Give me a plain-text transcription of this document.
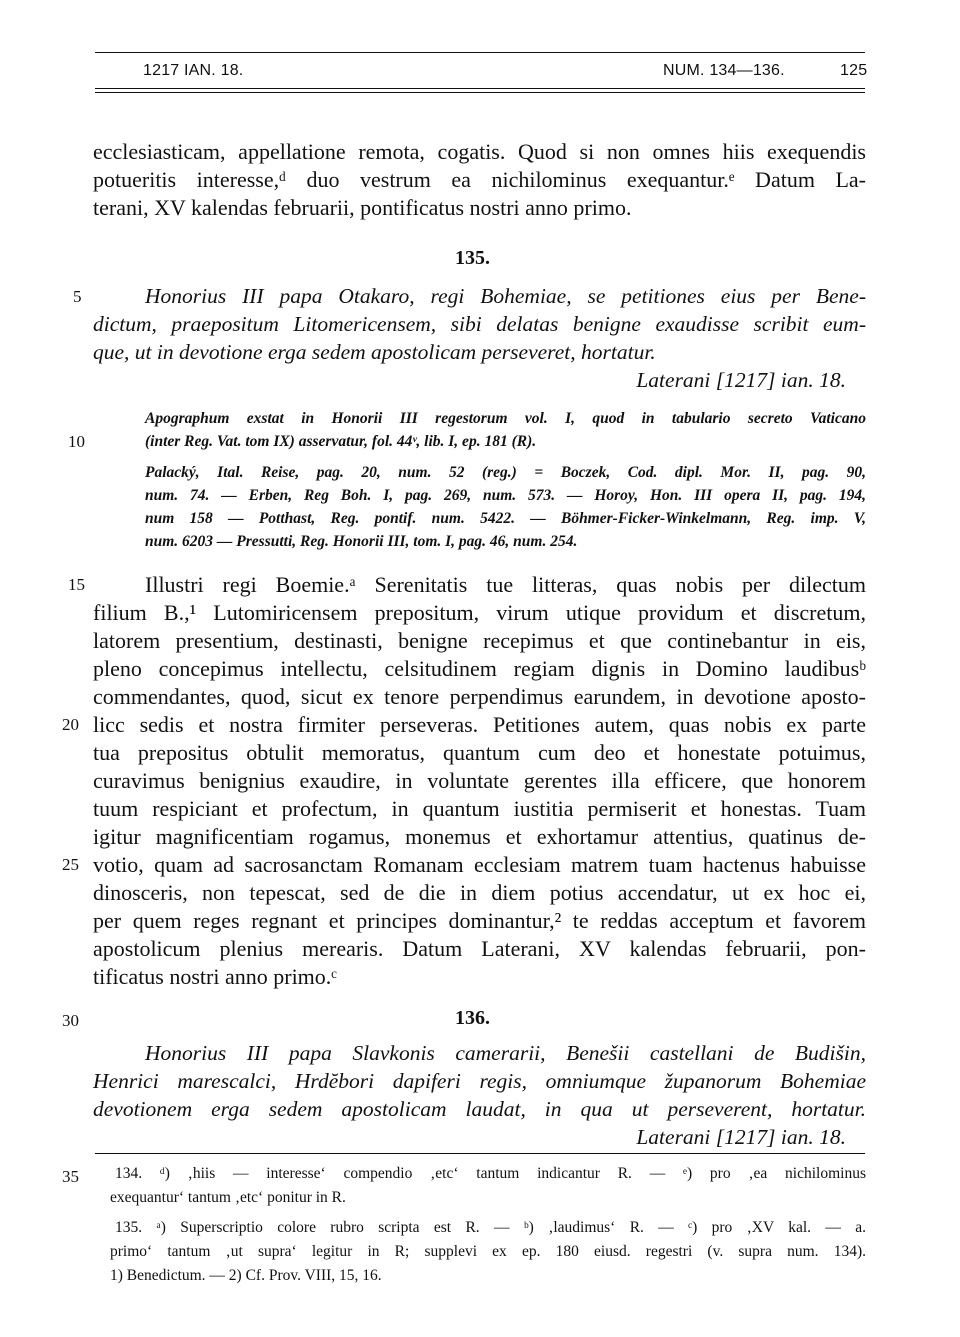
1217 IAN. 18.	NUM. 134—136.	125
ecclesiasticam, appellatione remota, cogatis. Quod si non omnes hiis exequendis
potueritis interesse,ᵈ duo vestrum ea nichilominus exequantur.ᵉ Datum La-
terani, XV kalendas februarii, pontificatus nostri anno primo.
135.
5	Honorius III papa Otakaro, regi Bohemiae, se petitiones eius per Bene-
dictum, praepositum Litomericensem, sibi delatas benigne exaudisse scribit eum-
que, ut in devotione erga sedem apostolicam perseveret, hortatur.
Laterani [1217] ian. 18.
Apographum exstat in Honorii III regestorum vol. I, quod in tabulario secreto Vaticano
10	(inter Reg. Vat. tom IX) asservatur, fol. 44ᵛ, lib. I, ep. 181 (R).
Palacký, Ital. Reise, pag. 20, num. 52 (reg.) = Boczek, Cod. dipl. Mor. II, pag. 90,
num. 74. — Erben, Reg Boh. I, pag. 269, num. 573. — Horoy, Hon. III opera II, pag. 194,
num 158 — Potthast, Reg. pontif. num. 5422. — Böhmer-Ficker-Winkelmann, Reg. imp. V,
num. 6203 — Pressutti, Reg. Honorii III, tom. I, pag. 46, num. 254.
15	Illustri regi Boemie.ᵃ Serenitatis tue litteras, quas nobis per dilectum
filium B.,¹ Lutomiricensem prepositum, virum utique providum et discretum,
latorem presentium, destinasti, benigne recepimus et que continebantur in eis,
pleno concepimus intellectu, celsitudinem regiam dignis in Domino laudibusᵇ
commendantes, quod, sicut ex tenore perpendimus earundem, in devotione aposto-
20 licc sedis et nostra firmiter perseveras. Petitiones autem, quas nobis ex parte
tua prepositus obtulit memoratus, quantum cum deo et honestate potuimus,
curavimus benignius exaudire, in voluntate gerentes illa efficere, que honorem
tuum respiciant et profectum, in quantum iustitia permiserit et honestas. Tuam
igitur magnificentiam rogamus, monemus et exhortamur attentius, quatinus de-
25 votio, quam ad sacrosanctam Romanam ecclesiam matrem tuam hactenus habuisse
dinosceris, non tepescat, sed de die in diem potius accendatur, ut ex hoc ei,
per quem reges regnant et principes dominantur,² te reddas acceptum et favorem
apostolicum plenius merearis. Datum Laterani, XV kalendas februarii, pon-
tificatus nostri anno primo.ᶜ
30	136.
Honorius III papa Slavkonis camerarii, Benešii castellani de Budišin,
Henrici marescalci, Hrdĕbori dapiferi regis, omniumque županorum Bohemiae
devotionem erga sedem apostolicam laudat, in qua ut perseverent, hortatur.
Laterani [1217] ian. 18.
35 134. ᵈ) ‚hiis — interesse‘ compendio ‚etc‘ tantum indicantur R. — ᵉ) pro ‚ea nichilominus
exequantur‘ tantum ‚etc‘ ponitur in R.
135. ᵃ) Superscriptio colore rubro scripta est R. — ᵇ) ‚laudimus‘ R. — ᶜ) pro ‚XV kal. — a.
primo‘ tantum ‚ut supra‘ legitur in R; supplevi ex ep. 180 eiusd. regestri (v. supra num. 134).
1) Benedictum. — 2) Cf. Prov. VIII, 15, 16.
